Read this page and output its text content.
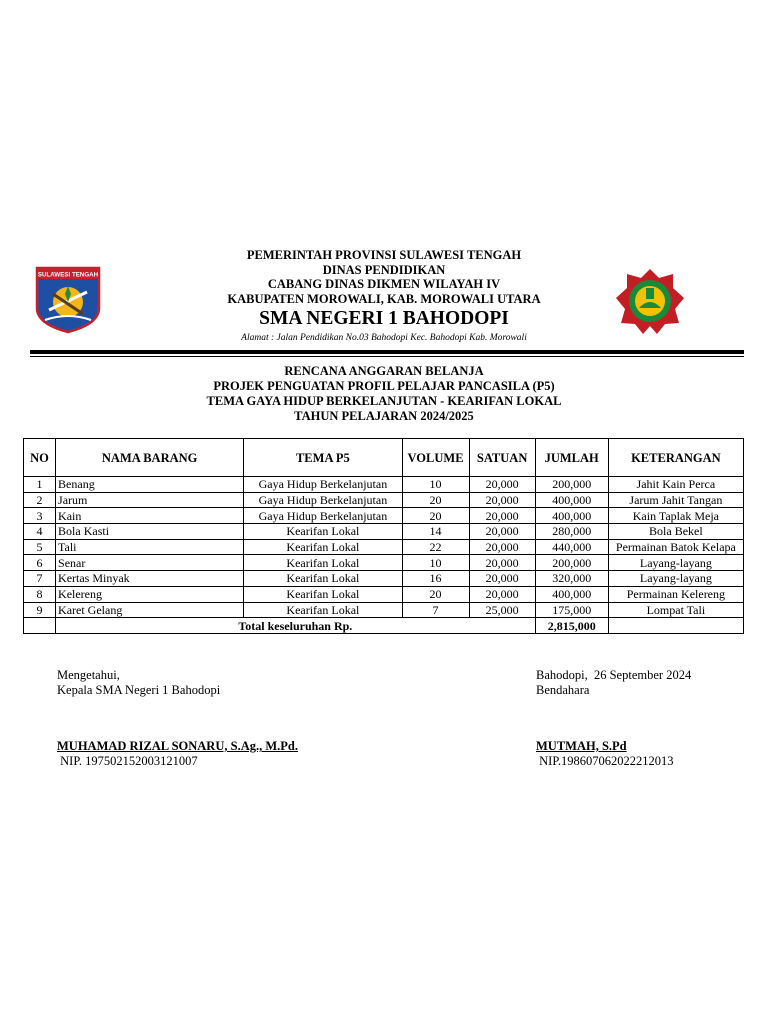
SULAWESI TENGAH
PEMERINTAH PROVINSI SULAWESI TENGAH
DINAS PENDIDIKAN
CABANG DINAS DIKMEN WILAYAH IV
KABUPATEN MOROWALI, KAB. MOROWALI UTARA
SMA NEGERI 1 BAHODOPI
Alamat : Jalan Pendidikan No.03 Bahodopi Kec. Bahodopi Kab. Morowali
RENCANA ANGGARAN BELANJA
PROJEK PENGUATAN PROFIL PELAJAR PANCASILA (P5)
TEMA GAYA HIDUP BERKELANJUTAN - KEARIFAN LOKAL
TAHUN PELAJARAN 2024/2025
NO	NAMA BARANG	TEMA P5	VOLUME	SATUAN	JUMLAH	KETERANGAN
1	Benang	Gaya Hidup Berkelanjutan	10	20,000	200,000	Jahit Kain Perca
2	Jarum	Gaya Hidup Berkelanjutan	20	20,000	400,000	Jarum Jahit Tangan
3	Kain	Gaya Hidup Berkelanjutan	20	20,000	400,000	Kain Taplak Meja
4	Bola Kasti	Kearifan Lokal	14	20,000	280,000	Bola Bekel
5	Tali	Kearifan Lokal	22	20,000	440,000	Permainan Batok Kelapa
6	Senar	Kearifan Lokal	10	20,000	200,000	Layang-layang
7	Kertas Minyak	Kearifan Lokal	16	20,000	320,000	Layang-layang
8	Kelereng	Kearifan Lokal	20	20,000	400,000	Permainan Kelereng
9	Karet Gelang	Kearifan Lokal	7	25,000	175,000	Lompat Tali
	Total keseluruhan Rp.				2,815,000	
Mengetahui,
Kepala SMA Negeri 1 Bahodopi
MUHAMAD RIZAL SONARU, S.Ag., M.Pd.
NIP. 197502152003121007
Bahodopi,  26 September 2024
Bendahara
MUTMAH, S.Pd
NIP.198607062022212013
